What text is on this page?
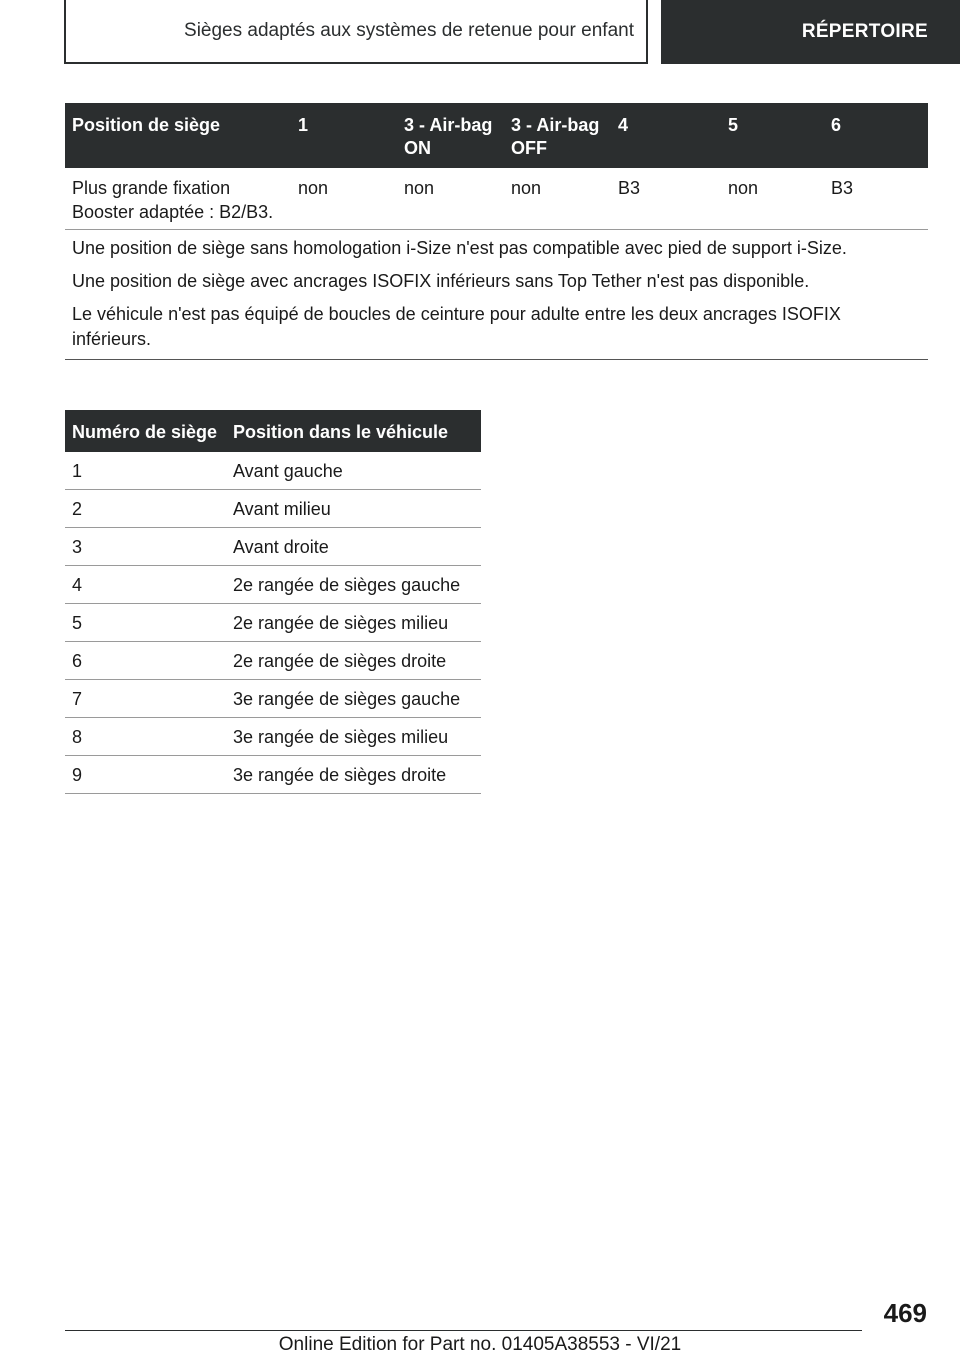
Sièges adaptés aux systèmes de retenue pour enfant	RÉPERTOIRE
Position de siège	1	3 - Air-bag ON	3 - Air-bag OFF	4	5	6
Plus grande fixation Booster adaptée : B2/B3.	non	non	non	B3	non	B3

Une position de siège sans homologation i-Size n'est pas compatible avec pied de support i-Size.

Une position de siège avec ancrages ISOFIX inférieurs sans Top Tether n'est pas disponible.

Le véhicule n'est pas équipé de boucles de ceinture pour adulte entre les deux ancrages ISOFIX inférieurs.						

Numéro de siège	Position dans le véhicule
1	Avant gauche
2	Avant milieu
3	Avant droite
4	2e rangée de sièges gauche
5	2e rangée de sièges milieu
6	2e rangée de sièges droite
7	3e rangée de sièges gauche
8	3e rangée de sièges milieu
9	3e rangée de sièges droite
469
Online Edition for Part no. 01405A38553 - VI/21
